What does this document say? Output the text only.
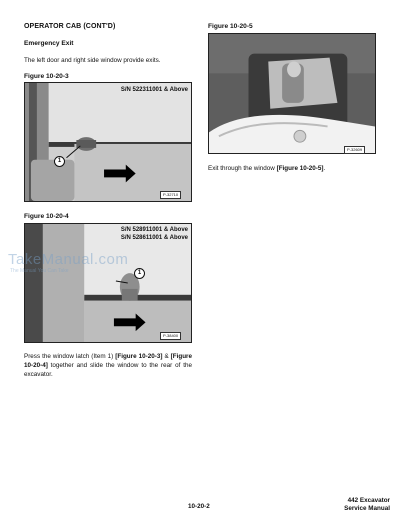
OPERATOR CAB (CONT'D)
Emergency Exit
The left door and right side window provide exits.
Figure 10-20-3
S/N 522311001 & Above
1
P-32710
Figure 10-20-4
S/N 528911001 & Above
S/N 528611001 & Above
1
P-38400
Press the window latch (Item 1) [Figure 10-20-3] & [Figure 10-20-4] together and slide the window to the rear of the excavator.
Figure 10-20-5
P-32609
Exit through the window [Figure 10-20-5].
TakeManual.com
The Manual You Can Take
10-20-2
442 Excavator
Service Manual
